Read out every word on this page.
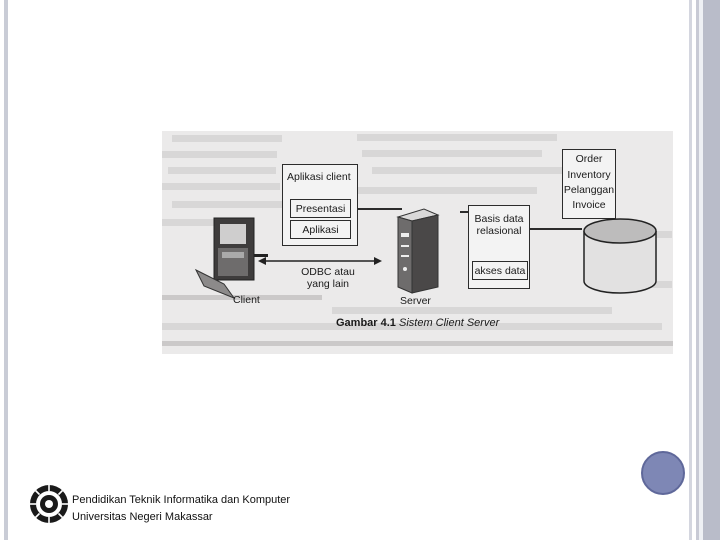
Aplikasi client
Presentasi
Aplikasi
ODBC atau
yang lain
Client	Server
Basis data relasional
akses data
Order
Inventory
Pelanggan
Invoice
Gambar 4.1 Sistem Client Server
Pendidikan Teknik Informatika dan Komputer
Universitas Negeri Makassar
